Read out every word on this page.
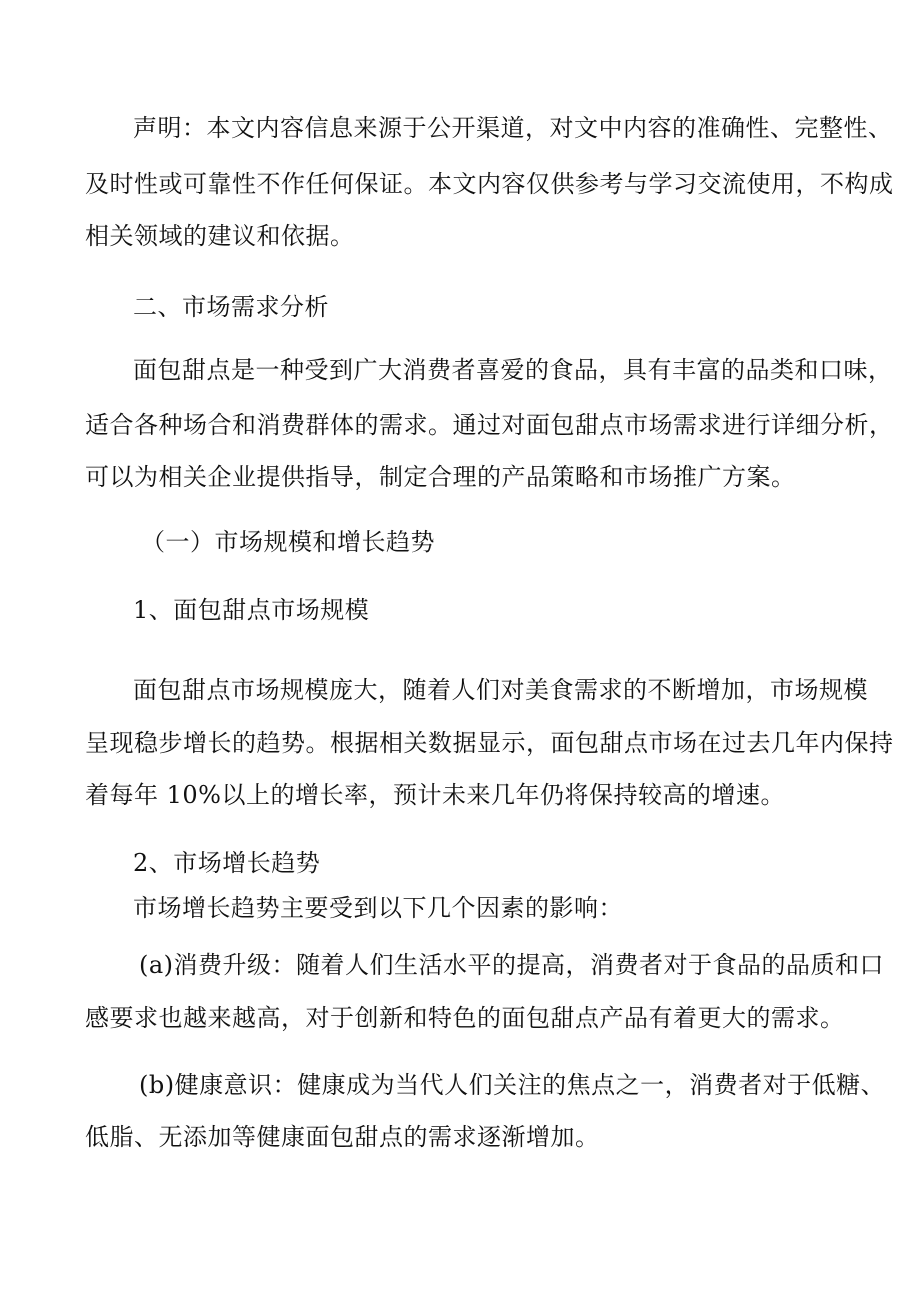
声明：本文内容信息来源于公开渠道，对文中内容的准确性、完整性、
及时性或可靠性不作任何保证。本文内容仅供参考与学习交流使用，不构成
相关领域的建议和依据。
二、市场需求分析
面包甜点是一种受到广大消费者喜爱的食品，具有丰富的品类和口味，
适合各种场合和消费群体的需求。通过对面包甜点市场需求进行详细分析，
可以为相关企业提供指导，制定合理的产品策略和市场推广方案。
（一）市场规模和增长趋势
1、面包甜点市场规模
面包甜点市场规模庞大，随着人们对美食需求的不断增加，市场规模
呈现稳步增长的趋势。根据相关数据显示，面包甜点市场在过去几年内保持
着每年 10%以上的增长率，预计未来几年仍将保持较高的增速。
2、市场增长趋势
市场增长趋势主要受到以下几个因素的影响：
(a)消费升级：随着人们生活水平的提高，消费者对于食品的品质和口
感要求也越来越高，对于创新和特色的面包甜点产品有着更大的需求。
(b)健康意识：健康成为当代人们关注的焦点之一，消费者对于低糖、
低脂、无添加等健康面包甜点的需求逐渐增加。
